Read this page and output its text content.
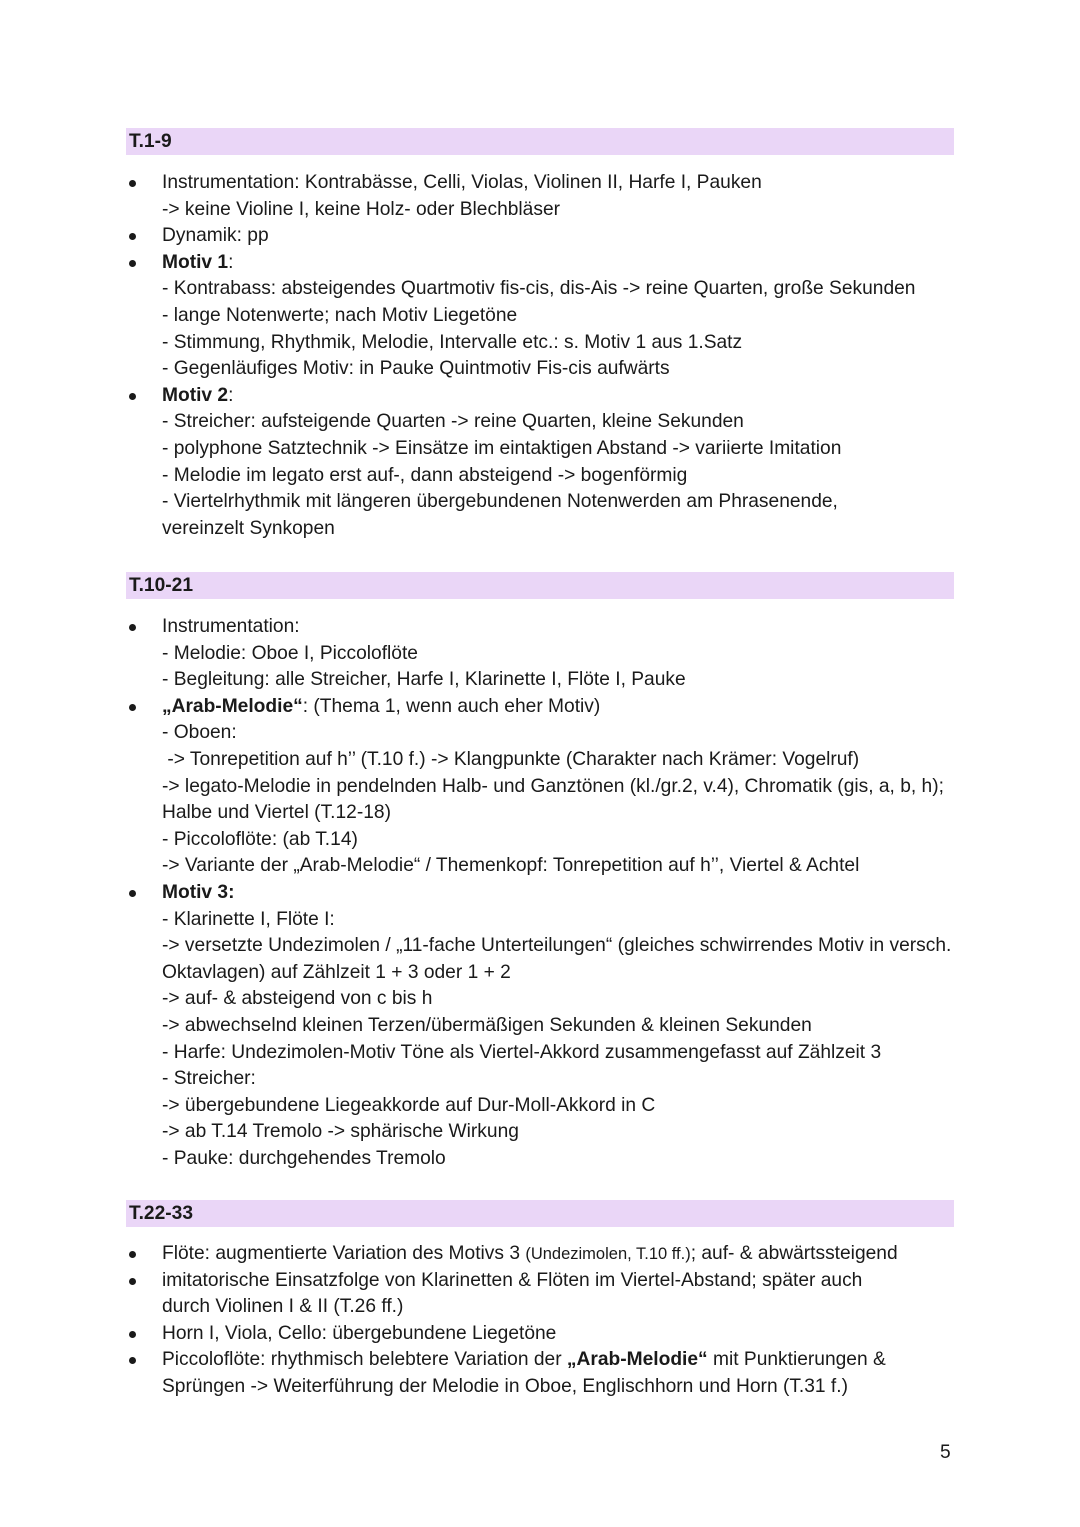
T.1-9
Instrumentation: Kontrabässe, Celli, Violas, Violinen II, Harfe I, Pauken
-> keine Violine I, keine Holz- oder Blechbläser
Dynamik: pp
Motiv 1:
- Kontrabass: absteigendes Quartmotiv fis-cis, dis-Ais -> reine Quarten, große Sekunden
- lange Notenwerte; nach Motiv Liegetöne
- Stimmung, Rhythmik, Melodie, Intervalle etc.: s. Motiv 1 aus 1.Satz
- Gegenläufiges Motiv: in Pauke Quintmotiv Fis-cis aufwärts
Motiv 2:
- Streicher: aufsteigende Quarten -> reine Quarten, kleine Sekunden
- polyphone Satztechnik -> Einsätze im eintaktigen Abstand -> variierte Imitation
- Melodie im legato erst auf-, dann absteigend -> bogenförmig
- Viertelrhythmik mit längeren übergebundenen Notenwerden am Phrasenende, vereinzelt Synkopen
T.10-21
Instrumentation:
- Melodie: Oboe I, Piccoloflöte
- Begleitung: alle Streicher, Harfe I, Klarinette I, Flöte I, Pauke
„Arab-Melodie“: (Thema 1, wenn auch eher Motiv)
- Oboen:
-> Tonrepetition auf h’’ (T.10 f.) -> Klangpunkte (Charakter nach Krämer: Vogelruf)
-> legato-Melodie in pendelnden Halb- und Ganztönen (kl./gr.2, v.4), Chromatik (gis, a, b, h); Halbe und Viertel (T.12-18)
- Piccoloflöte: (ab T.14)
-> Variante der „Arab-Melodie“ / Themenkopf: Tonrepetition auf h’’, Viertel & Achtel
Motiv 3:
- Klarinette I, Flöte I:
-> versetzte Undezimolen / „11-fache Unterteilungen“ (gleiches schwirrendes Motiv in versch. Oktavlagen) auf Zählzeit 1 + 3 oder 1 + 2
-> auf- & absteigend von c bis h
-> abwechselnd kleinen Terzen/übermäßigen Sekunden & kleinen Sekunden
- Harfe: Undezimolen-Motiv Töne als Viertel-Akkord zusammengefasst auf Zählzeit 3
- Streicher:
-> übergebundene Liegeakkorde auf Dur-Moll-Akkord in C
-> ab T.14 Tremolo -> sphärische Wirkung
- Pauke: durchgehendes Tremolo
T.22-33
Flöte: augmentierte Variation des Motivs 3 (Undezimolen, T.10 ff.); auf- & abwärtssteigend
imitatorische Einsatzfolge von Klarinetten & Flöten im Viertel-Abstand; später auch durch Violinen I & II (T.26 ff.)
Horn I, Viola, Cello: übergebundene Liegetöne
Piccoloflöte: rhythmisch belebtere Variation der „Arab-Melodie“ mit Punktierungen & Sprüngen -> Weiterführung der Melodie in Oboe, Englischhorn und Horn (T.31 f.)
5
